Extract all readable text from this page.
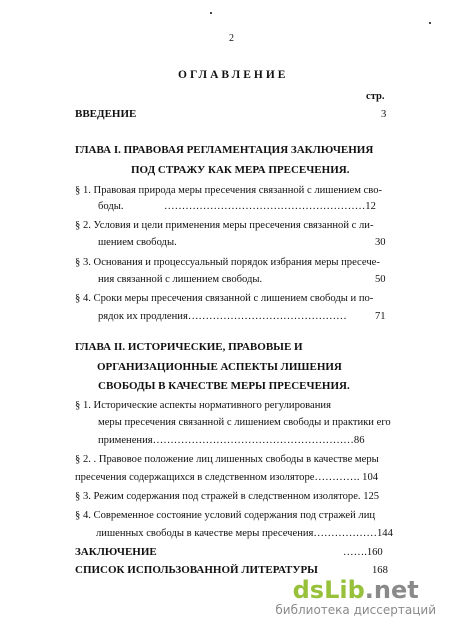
2
ОГЛАВЛЕНИЕ
стр.
ВВЕДЕНИЕ	3
ГЛАВА I. ПРАВОВАЯ РЕГЛАМЕНТАЦИЯ ЗАКЛЮЧЕНИЯ
ПОД СТРАЖУ КАК МЕРА ПРЕСЕЧЕНИЯ.
§ 1. Правовая природа меры пресечения связанной с лишением сво-
боды.	…………………………………………………12
§ 2. Условия и цели применения меры пресечения связанной с ли-
шением свободы.	30
§ 3. Основания и процессуальный порядок избрания меры пресече-
ния связанной с лишением свободы.	50
§ 4. Сроки меры пресечения связанной с лишением свободы и по-
рядок их продления………………………………………	71
ГЛАВА II. ИСТОРИЧЕСКИЕ, ПРАВОВЫЕ И
ОРГАНИЗАЦИОННЫЕ АСПЕКТЫ ЛИШЕНИЯ
СВОБОДЫ В КАЧЕСТВЕ МЕРЫ ПРЕСЕЧЕНИЯ.
§ 1. Исторические аспекты нормативного регулирования
меры пресечения связанной с лишением свободы и практики его
применения…………………………………………………86
§ 2. . Правовое положение лиц лишенных свободы в качестве меры
пресечения содержащихся в следственном изоляторе…………. 104
§ 3. Режим содержания под стражей в следственном изоляторе. 125
§ 4. Современное состояние условий содержания под стражей лиц
лишенных свободы в качестве меры пресечения………………144
ЗАКЛЮЧЕНИЕ	…….160
СПИСОК ИСПОЛЬЗОВАННОЙ ЛИТЕРАТУРЫ	168
dsLib.net
библиотека диссертаций
